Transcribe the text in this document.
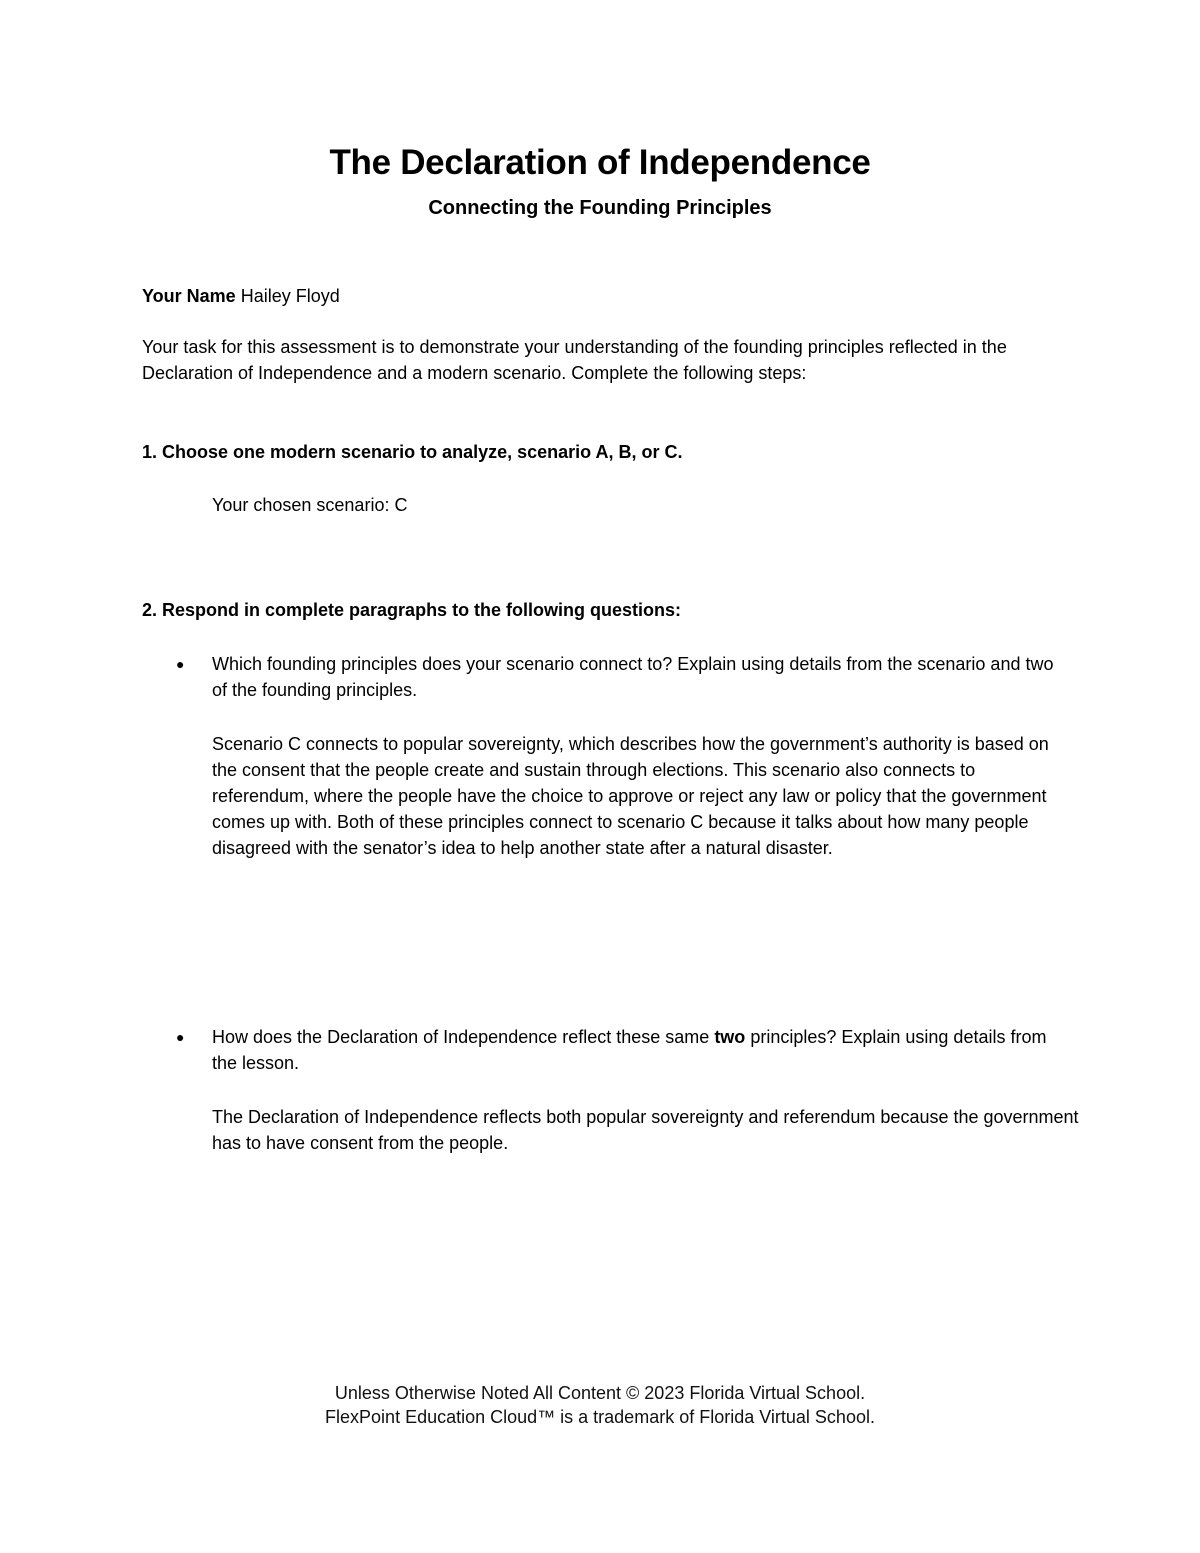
The Declaration of Independence
Connecting the Founding Principles
Your Name Hailey Floyd
Your task for this assessment is to demonstrate your understanding of the founding principles reflected in the Declaration of Independence and a modern scenario. Complete the following steps:
1. Choose one modern scenario to analyze, scenario A, B, or C.
Your chosen scenario: C
2. Respond in complete paragraphs to the following questions:
● Which founding principles does your scenario connect to? Explain using details from the scenario and two of the founding principles.
Scenario C connects to popular sovereignty, which describes how the government’s authority is based on the consent that the people create and sustain through elections. This scenario also connects to referendum, where the people have the choice to approve or reject any law or policy that the government comes up with. Both of these principles connect to scenario C because it talks about how many people disagreed with the senator’s idea to help another state after a natural disaster.
● How does the Declaration of Independence reflect these same two principles? Explain using details from the lesson.
The Declaration of Independence reflects both popular sovereignty and referendum because the government has to have consent from the people.
Unless Otherwise Noted All Content © 2023 Florida Virtual School.
FlexPoint Education Cloud™ is a trademark of Florida Virtual School.
